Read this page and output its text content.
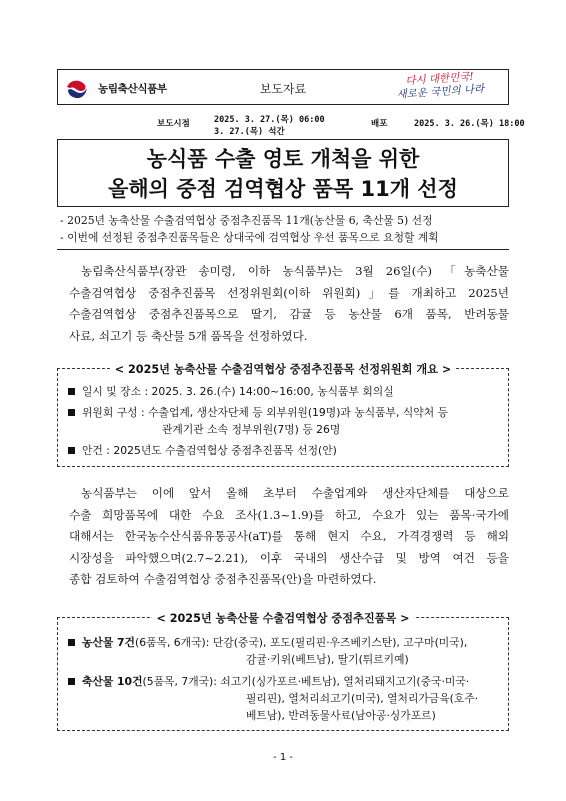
농림축산식품부	보도자료
다시 대한민국!
새로운 국민의 나라
보도시점	2025. 3. 27.(목) 06:00
3. 27.(목) 석간
배포	2025. 3. 26.(목) 18:00
농식품 수출 영토 개척을 위한
올해의 중점 검역협상 품목 11개 선정
- 2025년 농축산물 수출검역협상 중점추진품목 11개(농산물 6, 축산물 5) 선정
- 이번에 선정된 중점추진품목들은 상대국에 검역협상 우선 품목으로 요청할 계획
농림축산식품부(장관 송미령, 이하 농식품부)는 3월 26일(수) 「농축산물
수출검역협상 중점추진품목 선정위원회(이하 위원회)」를 개최하고 2025년
수출검역협상 중점추진품목으로 딸기, 감귤 등 농산물 6개 품목, 반려동물
사료, 쇠고기 등 축산물 5개 품목을 선정하였다.
< 2025년 농축산물 수출검역협상 중점추진품목 선정위원회 개요 >
일시 및 장소 : 2025. 3. 26.(수) 14:00~16:00, 농식품부 회의실
위원회 구성 : 수출업계, 생산자단체 등 외부위원(19명)과 농식품부, 식약처 등
관계기관 소속 정부위원(7명) 등 26명
안건 : 2025년도 수출검역협상 중점추진품목 선정(안)
농식품부는 이에 앞서 올해 초부터 수출업계와 생산자단체를 대상으로
수출 희망품목에 대한 수요 조사(1.3~1.9)를 하고, 수요가 있는 품목·국가에
대해서는 한국농수산식품유통공사(aT)를 통해 현지 수요, 가격경쟁력 등 해외
시장성을 파악했으며(2.7~2.21), 이후 국내의 생산수급 및 방역 여건 등을
종합 검토하여 수출검역협상 중점추진품목(안)을 마련하였다.
< 2025년 농축산물 수출검역협상 중점추진품목 >
농산물 7건(6품목, 6개국): 단감(중국), 포도(필리핀·우즈베키스탄), 고구마(미국),
감귤·키위(베트남), 딸기(튀르키예)
축산물 10건(5품목, 7개국): 쇠고기(싱가포르·베트남), 열처리돼지고기(중국·미국·
필리핀), 열처리쇠고기(미국), 열처리가금육(호주·
베트남), 반려동물사료(남아공·싱가포르)
- 1 -
